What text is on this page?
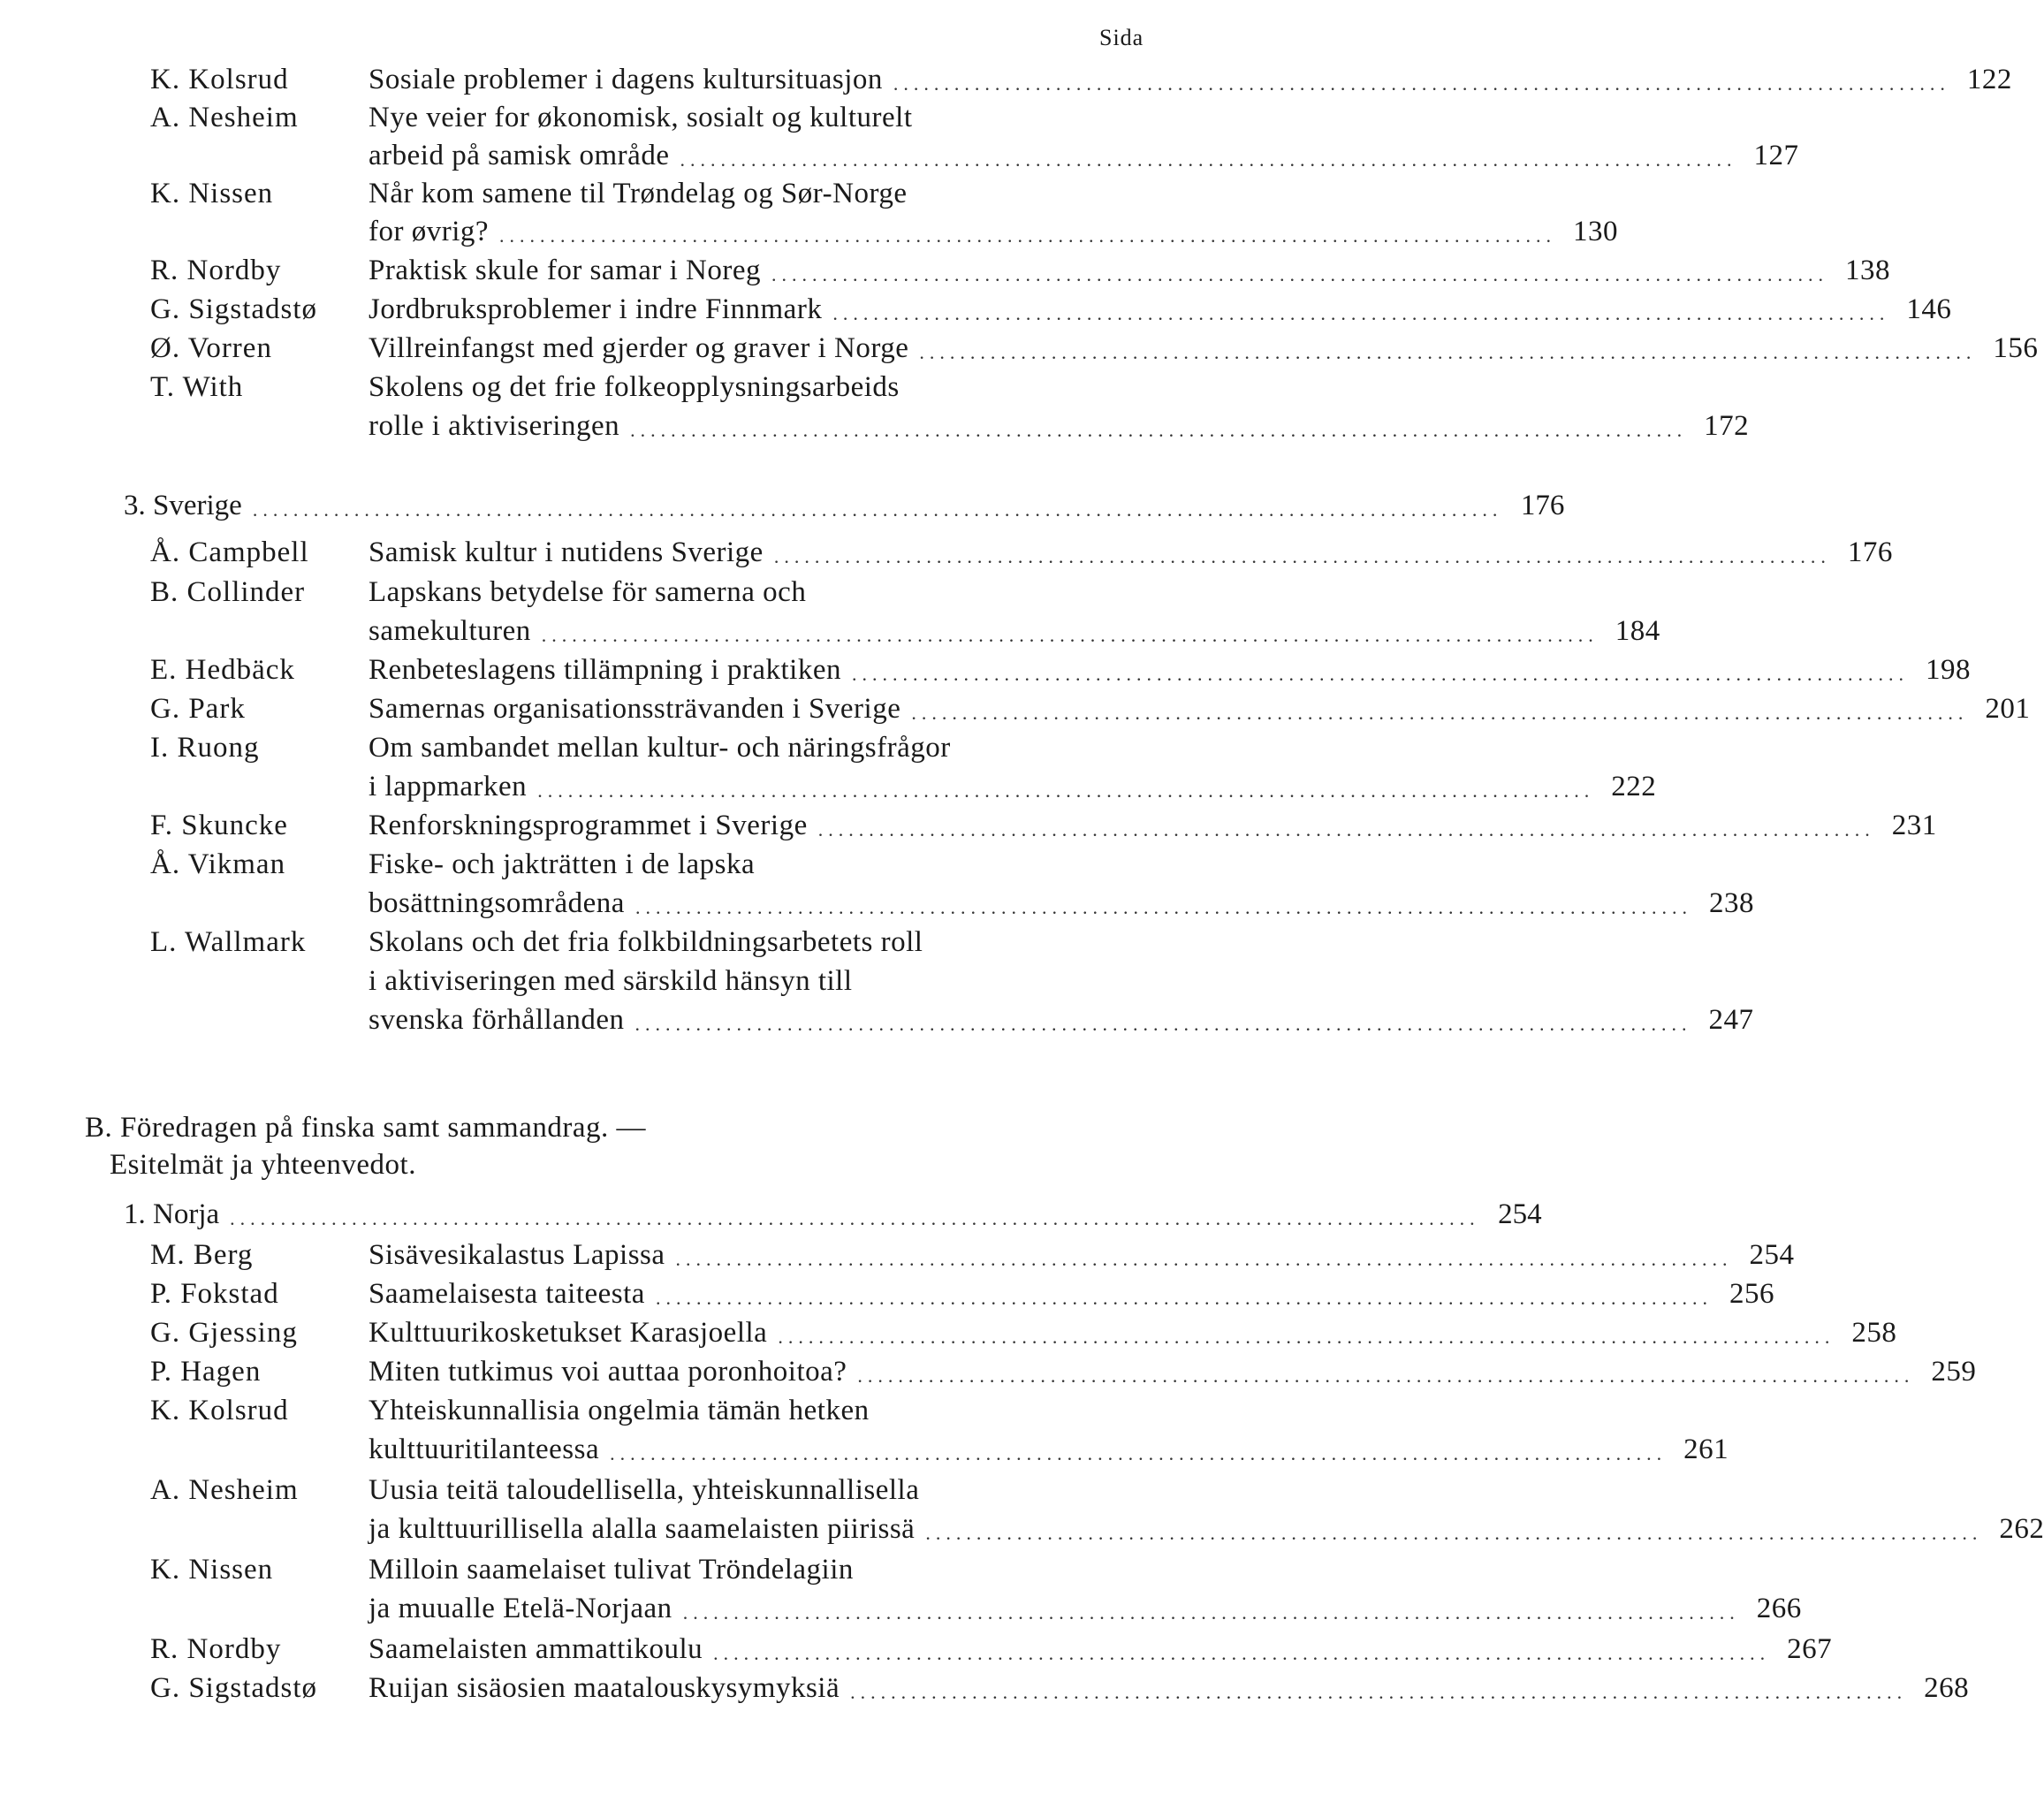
Sida
K. Kolsrud	Sosiale problemer i dagens kultursituasjon ........................................................................................................ 122
A. Nesheim Nye veier for økonomisk, sosialt og kulturelt
arbeid på samisk område ........................................................................................................ 127
K. Nissen	Når kom samene til Trøndelag og Sør-Norge
for øvrig? ........................................................................................................ 130
R. Nordby	Praktisk skule for samar i Noreg ........................................................................................................ 138
G. Sigstadstø Jordbruksproblemer i indre Finnmark ........................................................................................................ 146
Ø. Vorren	Villreinfangst med gjerder og graver i Norge ........................................................................................................ 156
T. With	Skolens og det frie folkeopplysningsarbeids
rolle i aktiviseringen ........................................................................................................ 172
3. Sverige ........................................................................................................................... 176
Å. Campbell Samisk kultur i nutidens Sverige ........................................................................................................ 176
B. Collinder Lapskans betydelse för samerna och
samekulturen ........................................................................................................ 184
E. Hedbäck	Renbeteslagens tillämpning i praktiken ........................................................................................................ 198
G. Park	Samernas organisationssträvanden i Sverige ........................................................................................................ 201
I. Ruong	Om sambandet mellan kultur- och näringsfrågor
i lappmarken ........................................................................................................ 222
F. Skuncke	Renforskningsprogrammet i Sverige ........................................................................................................ 231
Å. Vikman	Fiske- och jakträtten i de lapska
bosättningsområdena ........................................................................................................ 238
L. Wallmark Skolans och det fria folkbildningsarbetets roll
i aktiviseringen med särskild hänsyn till
svenska förhållanden ........................................................................................................ 247
B. Föredragen på finska samt sammandrag. —
Esitelmät ja yhteenvedot.
1. Norja ........................................................................................................................... 254
M. Berg	Sisävesikalastus Lapissa ........................................................................................................ 254
P. Fokstad	Saamelaisesta taiteesta ........................................................................................................ 256
G. Gjessing Kulttuurikosketukset Karasjoella ........................................................................................................ 258
P. Hagen	Miten tutkimus voi auttaa poronhoitoa? ........................................................................................................ 259
K. Kolsrud	Yhteiskunnallisia ongelmia tämän hetken
kulttuuritilanteessa ........................................................................................................ 261
A. Nesheim Uusia teitä taloudellisella, yhteiskunnallisella
ja kulttuurillisella alalla saamelaisten piirissä ........................................................................................................ 262
K. Nissen	Milloin saamelaiset tulivat Tröndelagiin
ja muualle Etelä-Norjaan ........................................................................................................ 266
R. Nordby	Saamelaisten ammattikoulu ........................................................................................................ 267
G. Sigstadstø Ruijan sisäosien maatalouskysymyksiä ........................................................................................................ 268
